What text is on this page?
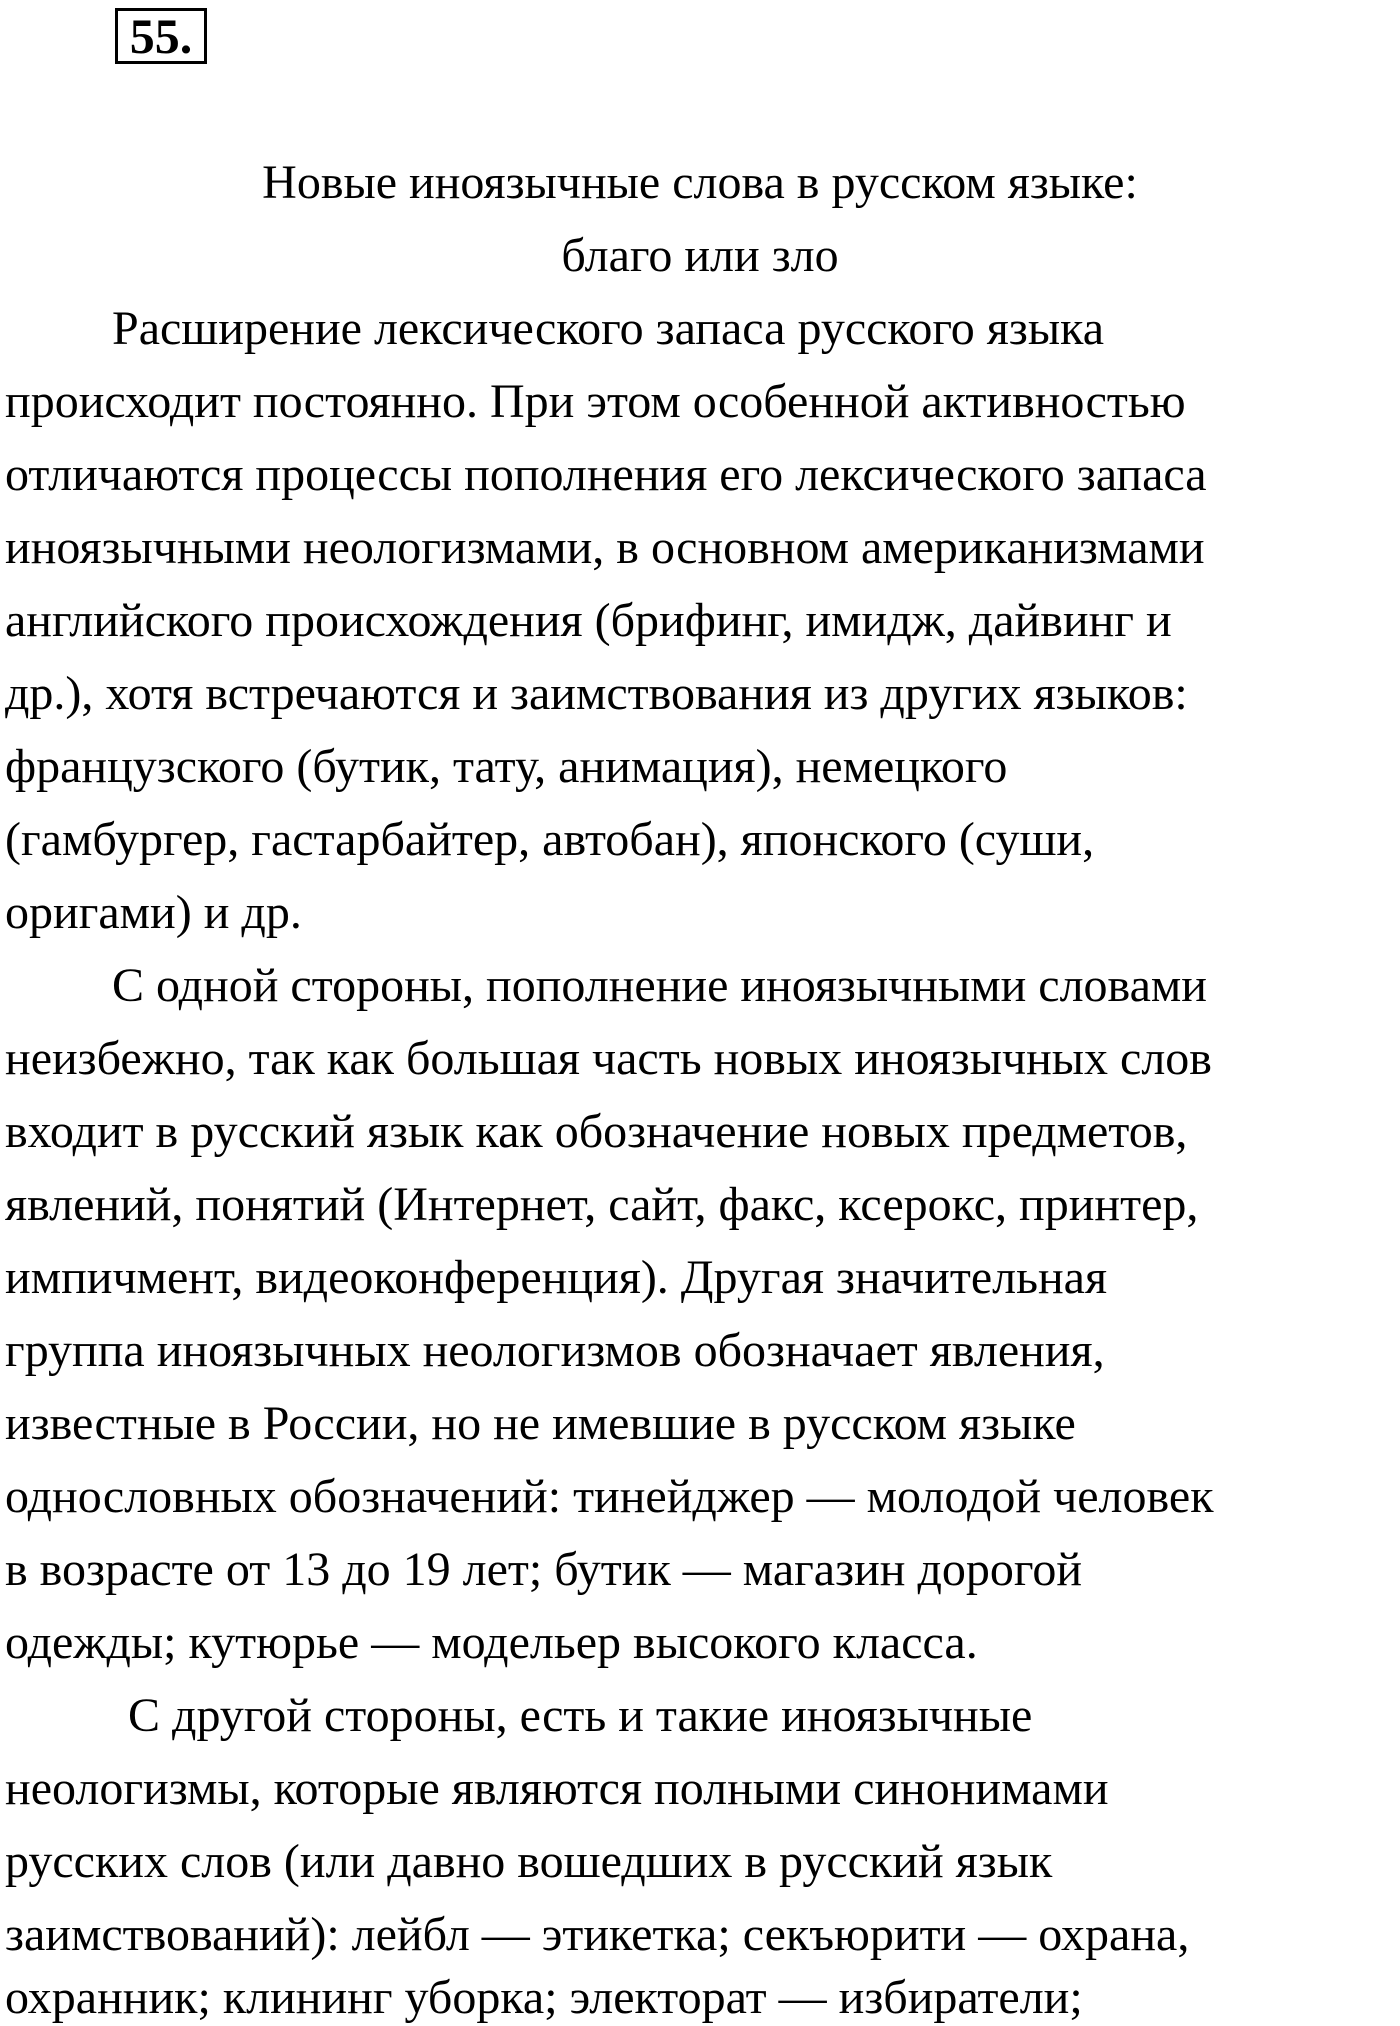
55.
Новые иноязычные слова в русском языке:
благо или зло
Расширение лексического запаса русского языка
происходит постоянно. При этом особенной активностью
отличаются процессы пополнения его лексического запаса
иноязычными неологизмами, в основном американизмами
английского происхождения (брифинг, имидж, дайвинг и
др.), хотя встречаются и заимствования из других языков:
французского (бутик, тату, анимация), немецкого
(гамбургер, гастарбайтер, автобан), японского (суши,
оригами) и др.
С одной стороны, пополнение иноязычными словами
неизбежно, так как большая часть новых иноязычных слов
входит в русский язык как обозначение новых предметов,
явлений, понятий (Интернет, сайт, факс, ксерокс, принтер,
импичмент, видеоконференция). Другая значительная
группа иноязычных неологизмов обозначает явления,
известные в России, но не имевшие в русском языке
однословных обозначений: тинейджер — молодой человек
в возрасте от 13 до 19 лет; бутик — магазин дорогой
одежды; кутюрье — модельер высокого класса.
С другой стороны, есть и такие иноязычные
неологизмы, которые являются полными синонимами
русских слов (или давно вошедших в русский язык
заимствований): лейбл — этикетка; секъюрити — охрана,
охранник; клининг уборка; электорат — избиратели;
